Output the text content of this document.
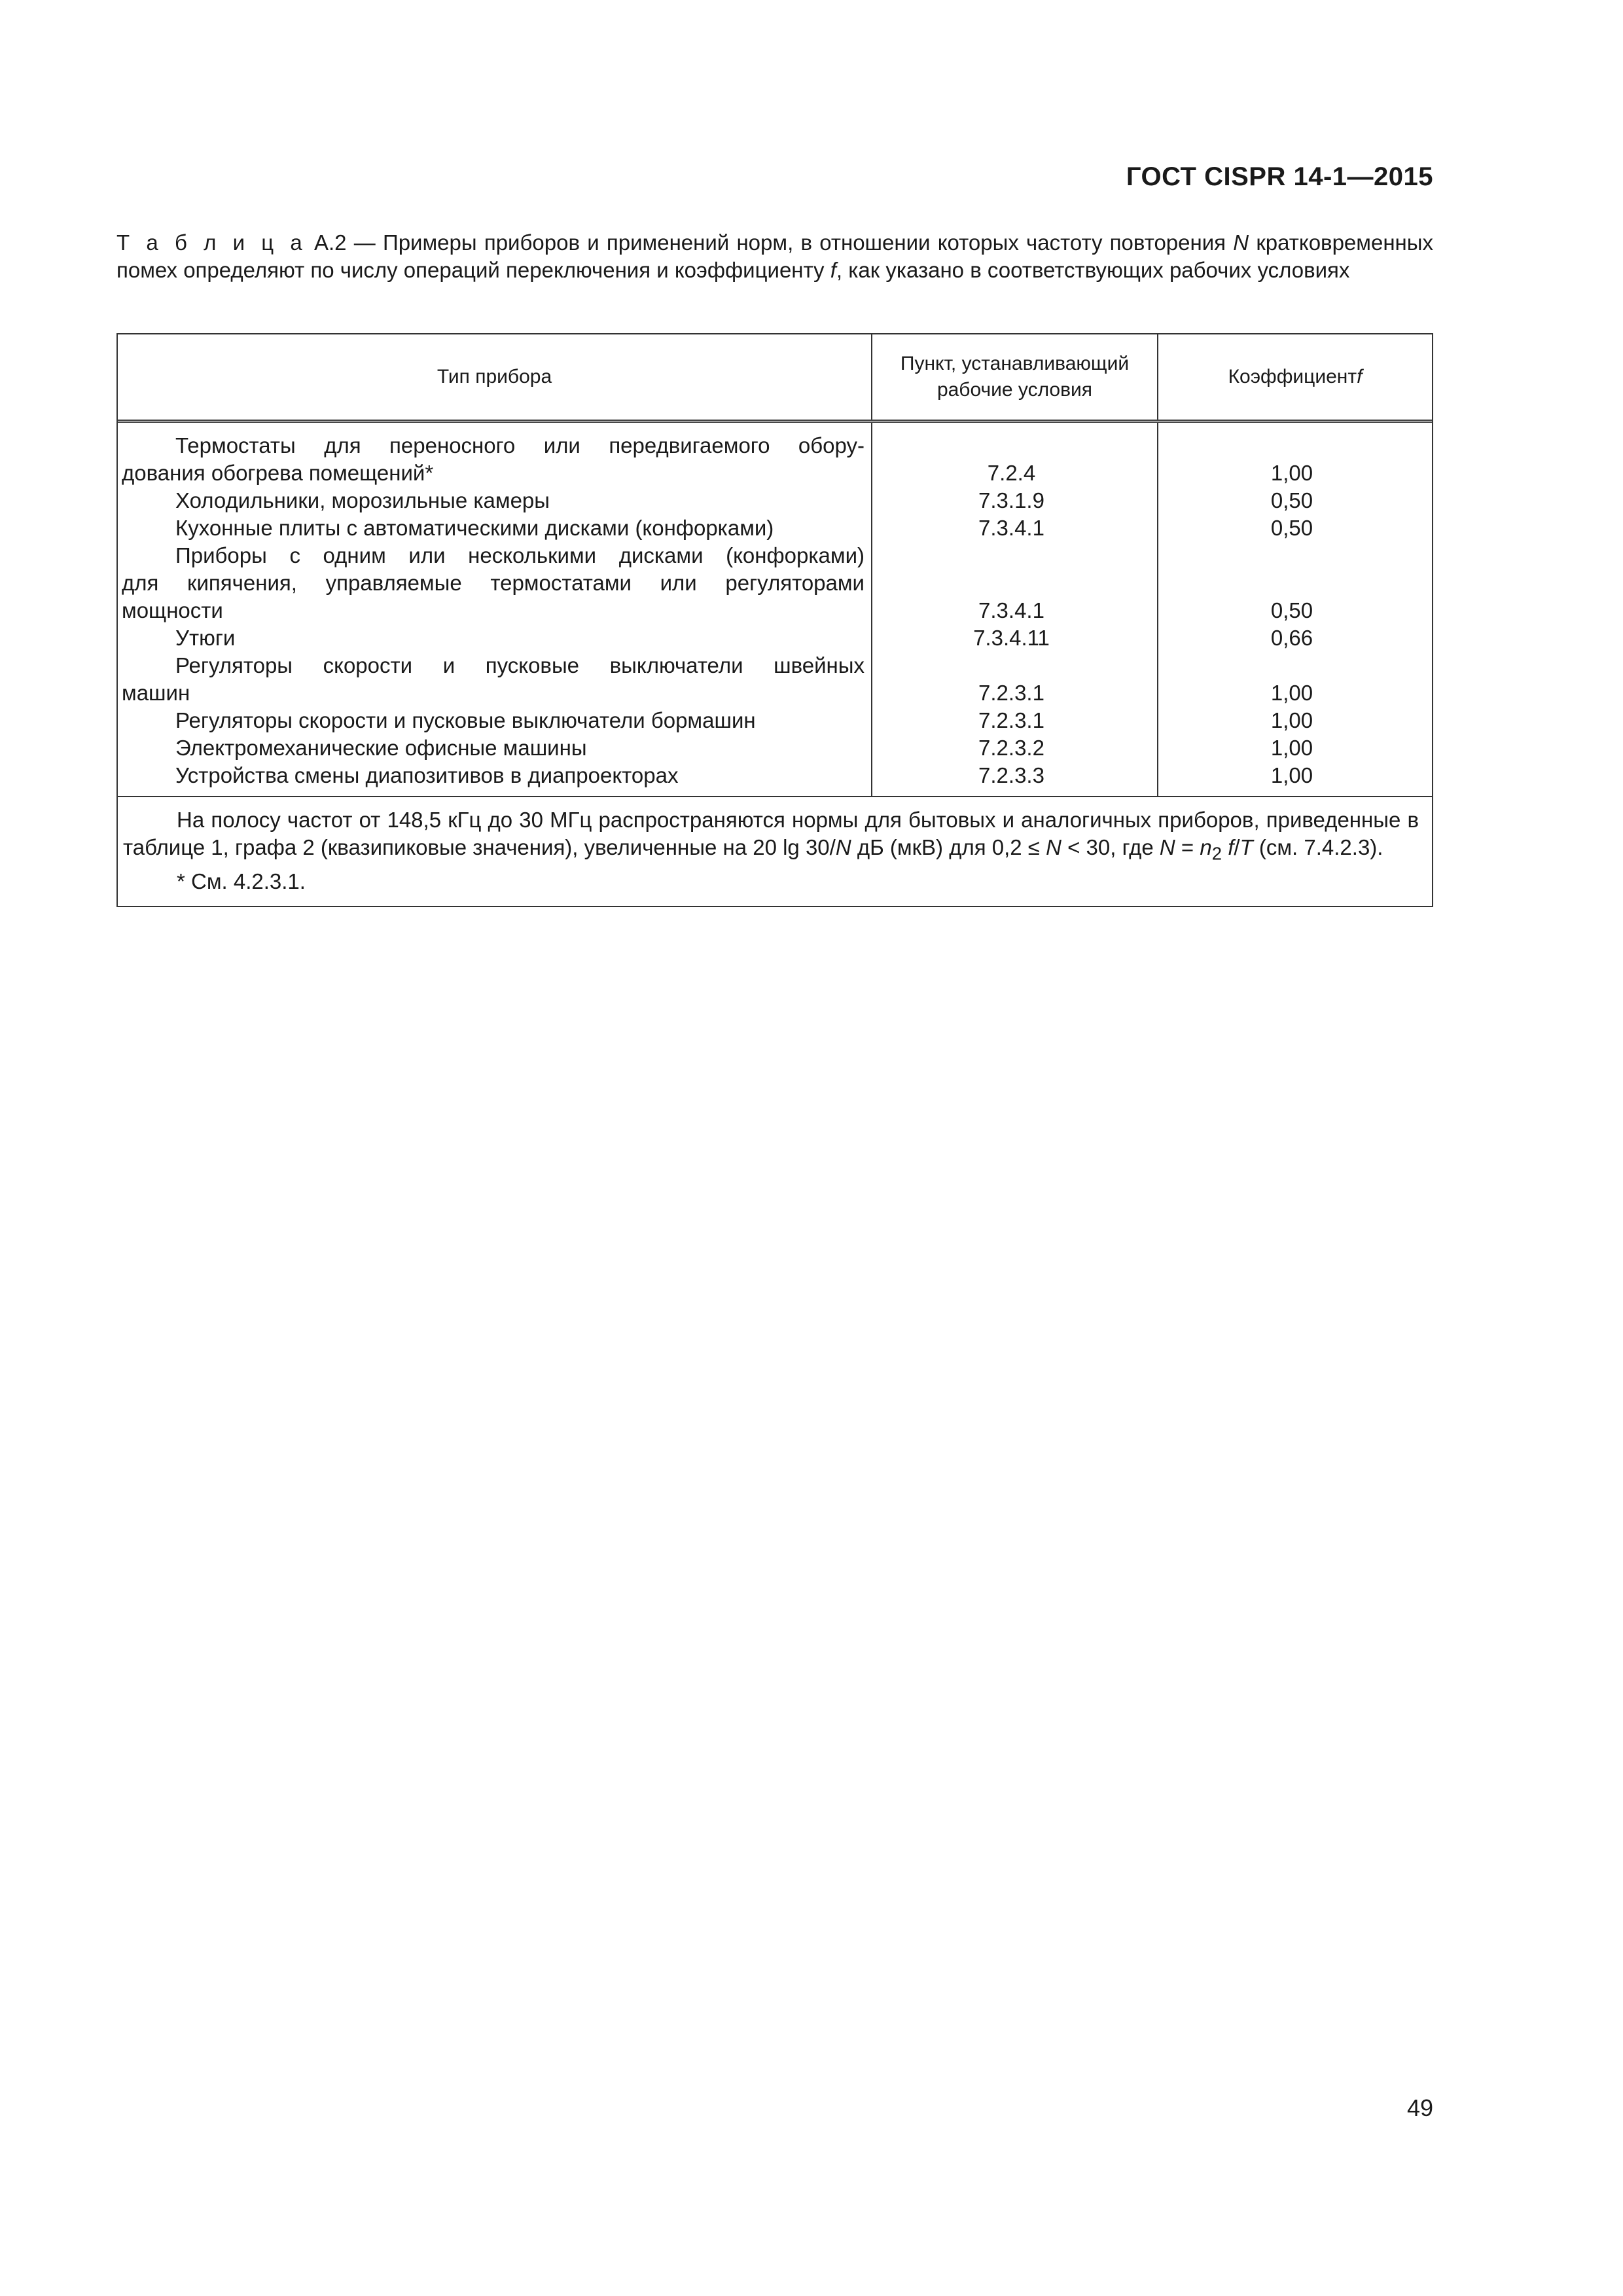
ГОСТ CISPR 14-1—2015
Т а б л и ц а А.2 — Примеры приборов и применений норм, в отношении которых частоту повторения N кратковременных помех определяют по числу операций переключения и коэффициенту f, как указано в соответствующих рабочих условиях
Тип прибора
Пункт, устанавливающий рабочие условия
Коэффициент f
Термостаты для переносного или передвигаемого обору-
дования обогрева помещений*
Холодильники, морозильные камеры
Кухонные плиты с автоматическими дисками (конфорками)
Приборы с одним или несколькими дисками (конфорками)
для кипячения, управляемые термостатами или регуляторами
мощности
Утюги
Регуляторы скорости и пусковые выключатели швейных
машин
Регуляторы скорости и пусковые выключатели бормашин
Электромеханические офисные машины
Устройства смены диапозитивов в диапроекторах
7.2.4
7.3.1.9
7.3.4.1
7.3.4.1
7.3.4.11
7.2.3.1
7.2.3.1
7.2.3.2
7.2.3.3
1,00
0,50
0,50
0,50
0,66
1,00
1,00
1,00
1,00

На полосу частот от 148,5 кГц до 30 МГц распространяются нормы для бытовых и аналогичных приборов, приведенные в таблице 1, графа 2 (квазипиковые значения), увеличенные на 20 lg 30/N дБ (мкВ) для 0,2 ≤ N < 30, где $N = n_2$ f/T (см. 7.4.2.3).

* См. 4.2.3.1.

49
